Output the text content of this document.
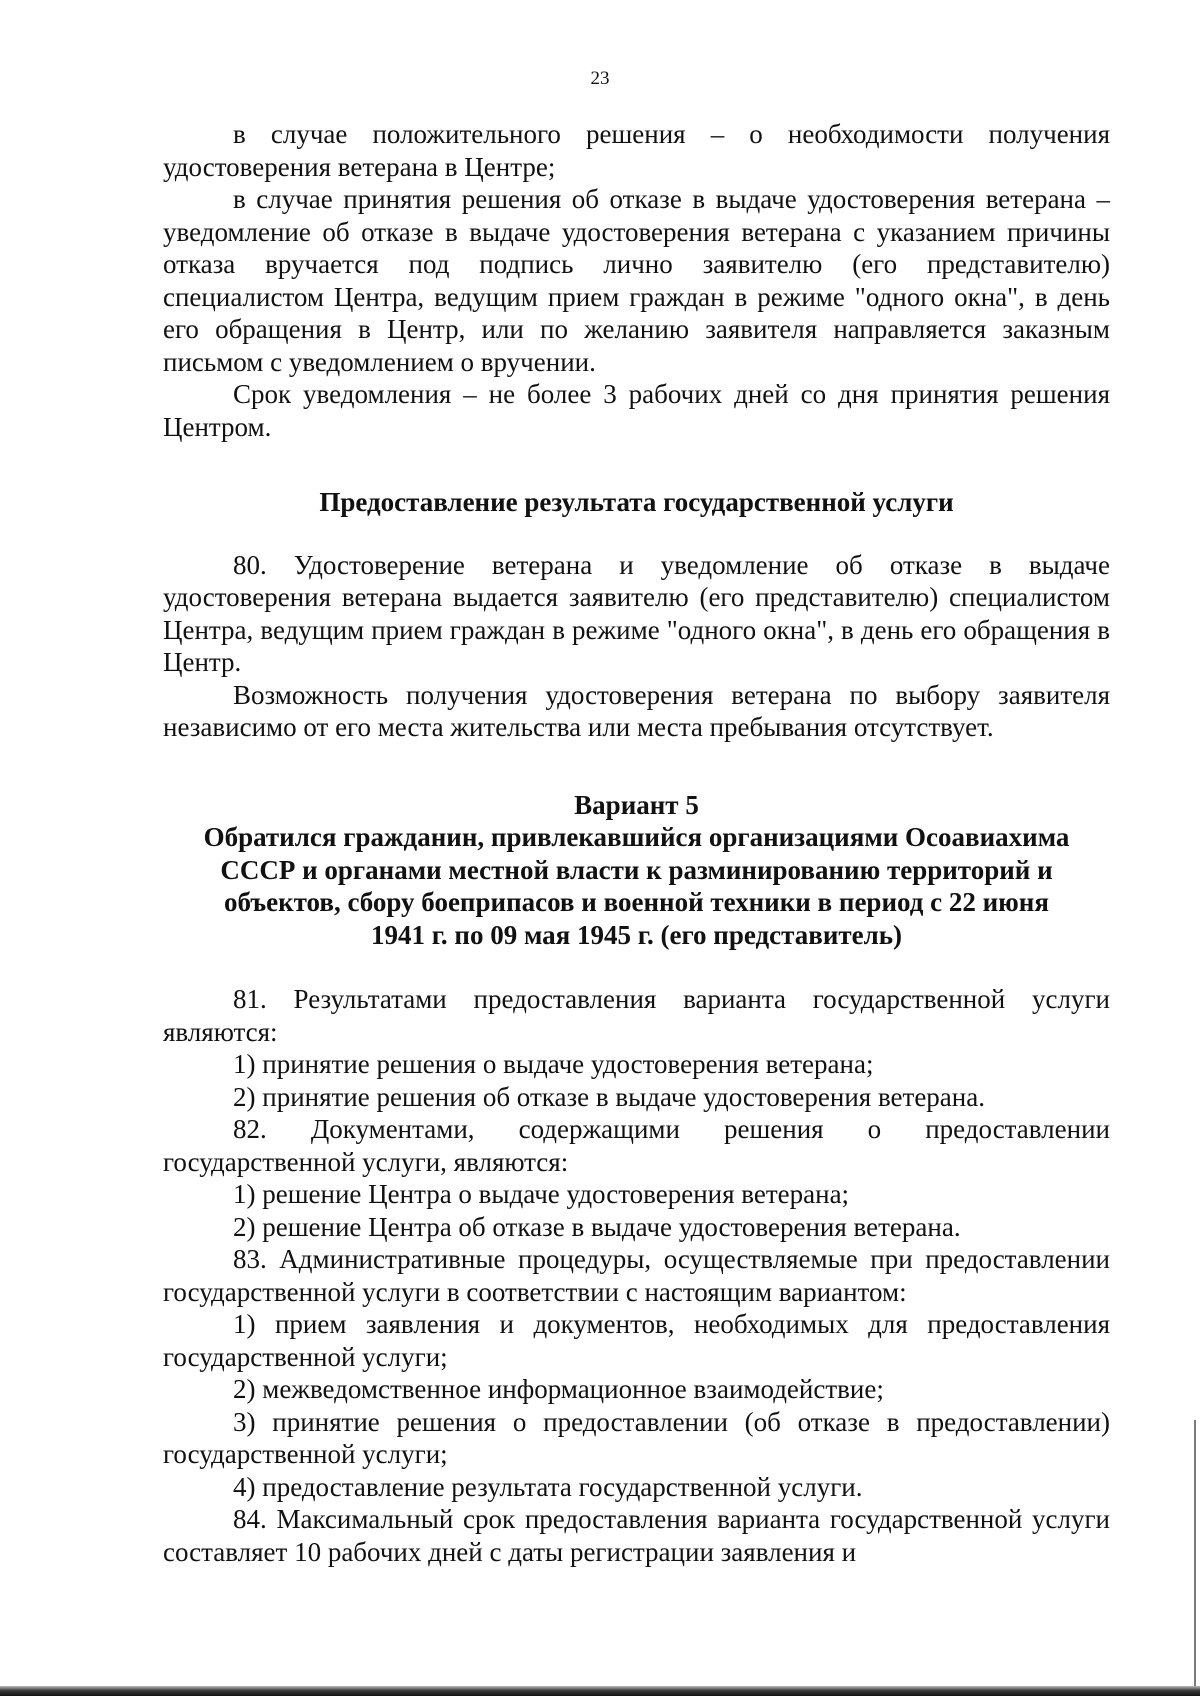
23

в случае положительного решения – о необходимости получения удостоверения ветерана в Центре;

в случае принятия решения об отказе в выдаче удостоверения ветерана – уведомление об отказе в выдаче удостоверения ветерана с указанием причины отказа вручается под подпись лично заявителю (его представителю) специалистом Центра, ведущим прием граждан в режиме "одного окна", в день его обращения в Центр, или по желанию заявителя направляется заказным письмом с уведомлением о вручении.

Срок уведомления – не более 3 рабочих дней со дня принятия решения Центром.

Предоставление результата государственной услуги

80. Удостоверение ветерана и уведомление об отказе в выдаче удостоверения ветерана выдается заявителю (его представителю) специалистом Центра, ведущим прием граждан в режиме "одного окна", в день его обращения в Центр.

Возможность получения удостоверения ветерана по выбору заявителя независимо от его места жительства или места пребывания отсутствует.

Вариант 5

Обратился гражданин, привлекавшийся организациями Осоавиахима

СССР и органами местной власти к разминированию территорий и

объектов, сбору боеприпасов и военной техники в период с 22 июня

1941 г. по 09 мая 1945 г. (его представитель)

81. Результатами предоставления варианта государственной услуги являются:

1) принятие решения о выдаче удостоверения ветерана;

2) принятие решения об отказе в выдаче удостоверения ветерана.

82. Документами, содержащими решения о предоставлении государственной услуги, являются:

1) решение Центра о выдаче удостоверения ветерана;

2) решение Центра об отказе в выдаче удостоверения ветерана.

83. Административные процедуры, осуществляемые при предоставлении государственной услуги в соответствии с настоящим вариантом:

1) прием заявления и документов, необходимых для предоставления государственной услуги;

2) межведомственное информационное взаимодействие;

3) принятие решения о предоставлении (об отказе в предоставлении) государственной услуги;

4) предоставление результата государственной услуги.

84. Максимальный срок предоставления варианта государственной услуги составляет 10 рабочих дней с даты регистрации заявления и
